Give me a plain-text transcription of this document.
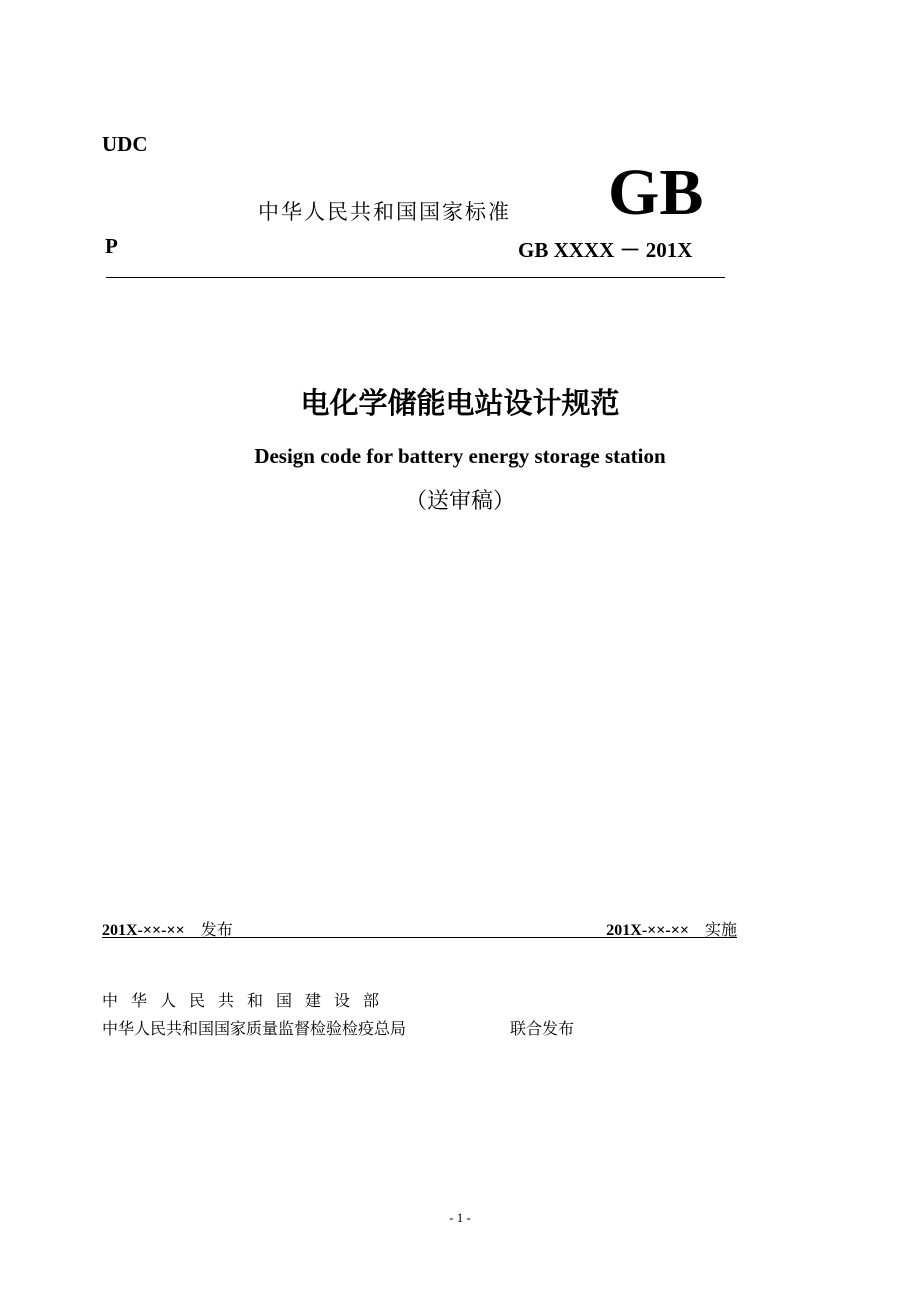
UDC
中华人民共和国国家标准 GB
P	GB XXXX － 201X
电化学储能电站设计规范
Design code for battery energy storage station
（送审稿）
201X-××-×× 发布	201X-××-×× 实施
中华人民共和国建设部
中华人民共和国国家质量监督检验检疫总局	联合发布
- 1 -
